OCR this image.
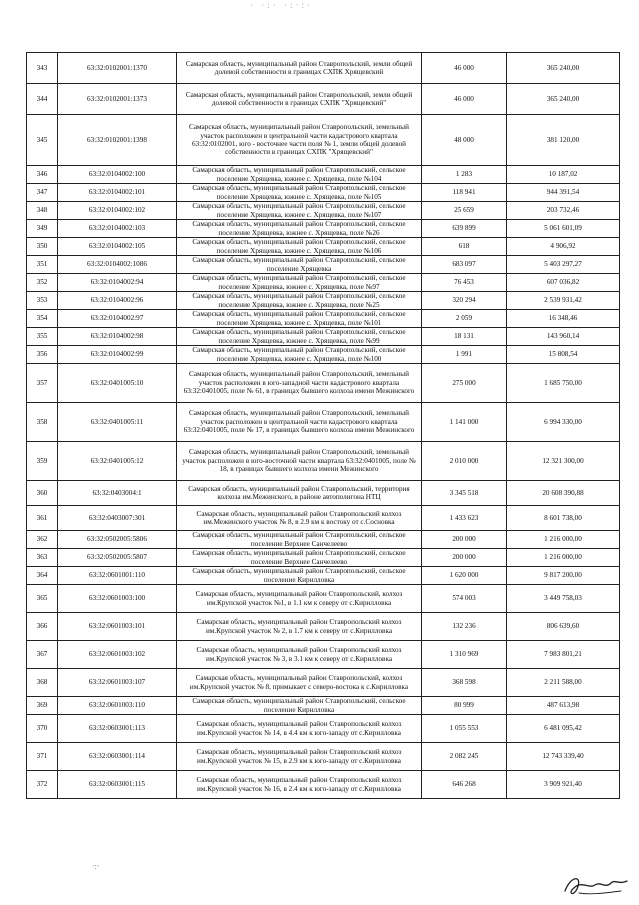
· ·:· ·:·:·
343	63:32:0102001:1370	Самарская область, муниципальный район Ставропольский, земли общей долевой собственности в границах СХПК Хрящевский	46 000	365 240,00
344	63:32:0102001:1373	Самарская область, муниципальный район Ставропольский, земли общей долевой собственности в границах СХПК "Хрящевский"	46 000	365 240,00
345	63:32:0102001:1398	Самарская область, муниципальный район Ставропольский, земельный участок расположен в центральной части кадастрового квартала 63:32:0102001, юго - восточнее части поля № 1, земли общей долевой собственности в границах СХПК "Хрящевский"	48 000	381 120,00
346	63:32:0104002:100	Самарская область, муниципальный район Ставропольский, сельское поселение Хрящевка, южнее с. Хрящевка, поле №104	1 283	10 187,02
347	63:32:0104002:101	Самарская область, муниципальный район Ставропольский, сельское поселение Хрящевка, южнее с. Хрящевка, поле №105	118 941	944 391,54
348	63:32:0104002:102	Самарская область, муниципальный район Ставропольский, сельское поселение Хрящевка, южнее с. Хрящевка, поле №107	25 659	203 732,46
349	63:32:0104002:103	Самарская область, муниципальный район Ставропольский, сельское поселение Хрящевка, южнее с. Хрящевка, поле №26	639 899	5 061 601,09
350	63:32:0104002:105	Самарская область, муниципальный район Ставропольский, сельское поселение Хрящевка, южнее с. Хрящевка, поле №106	618	4 906,92
351	63:32:0104002:1086	Самарская область, муниципальный район Ставропольский, сельское поселение Хрящевка	683 097	5 403 297,27
352	63:32:0104002:94	Самарская область, муниципальный район Ставропольский, сельское поселение Хрящевка, южнее с. Хрящевка, поле №97	76 453	607 036,82
353	63:32:0104002:96	Самарская область, муниципальный район Ставропольский, сельское поселение Хрящевка, южнее с. Хрящевка, поле №25	320 294	2 539 931,42
354	63:32:0104002:97	Самарская область, муниципальный район Ставропольский, сельское поселение Хрящевка, южнее с. Хрящевка, поле №101	2 059	16 348,46
355	63:32:0104002:98	Самарская область, муниципальный район Ставропольский, сельское поселение Хрящевка, южнее с. Хрящевка, поле №99	18 131	143 960,14
356	63:32:0104002:99	Самарская область, муниципальный район Ставропольский, сельское поселение Хрящевка, южнее с. Хрящевка, поле №100	1 991	15 808,54
357	63:32:0401005:10	Самарская область, муниципальный район Ставропольский, земельный участок расположен в юго-западной части кадастрового квартала 63:32:0401005, поле № 61, в границах бывшего колхоза имени Межинского	275 000	1 685 750,00
358	63:32:0401005:11	Самарская область, муниципальный район Ставропольский, земельный участок расположен в центральной части кадастрового квартала 63:32:0401005, поле № 17, в границах бывшего колхоза имени Межинского	1 141 000	6 994 330,00
359	63:32:0401005:12	Самарская область, муниципальный район Ставропольский, земельный участок расположен в юго-восточной части квартала 63:32:0401005, поле № 18, в границах бывшего колхоза имени Межинского	2 010 000	12 321 300,00
360	63:32:0403004:1	Самарская область, муниципальный район Ставропольский, территория колхоза им.Межинского, в районе автополигона НТЦ	3 345 518	20 608 390,88
361	63:32:0403007:301	Самарская область, муниципальный район Ставропольский колхоз им.Межинского участок № 8, в 2.9 км к востоку от с.Сосновка	1 433 623	8 601 738,00
362	63:32:0502005:5806	Самарская область, муниципальный район Ставропольский, сельское поселение Верхнее Санчелеево	200 000	1 216 000,00
363	63:32:0502005:5807	Самарская область, муниципальный район Ставропольский, сельское поселение Верхнее Санчелеево	200 000	1 216 000,00
364	63:32:0601001:110	Самарская область, муниципальный район Ставропольский, сельское поселение Кирилловка	1 620 000	9 817 200,00
365	63:32:0601003:100	Самарская область, муниципальный район Ставропольский, колхоз им.Крупской участок №1, в 1.1 км к северу от с.Кирилловка	574 003	3 449 758,03
366	63:32:0601003:101	Самарская область, муниципальный район Ставропольский колхоз им.Крупской участок № 2, в 1.7 км к северу от с.Кирилловка	132 236	806 639,60
367	63:32:0601003:102	Самарская область, муниципальный район Ставропольский колхоз им.Крупской участок № 3, в 3.1 км к северу от с.Кирилловка	1 310 969	7 983 801,21
368	63:32:0601003:107	Самарская область, муниципальный район Ставропольский, колхоз им.Крупской участок № 8, примыкает с северо-востока к с.Кирилловка	368 598	2 211 588,00
369	63:32:0601003:110	Самарская область, муниципальный район Ставропольский, сельское поселение Кирилловка	80 999	487 613,98
370	63:32:0603001:113	Самарская область, муниципальный район Ставропольский колхоз им.Крупской участок № 14, в 4.4 км к юго-западу от с.Кирилловка	1 055 553	6 481 095,42
371	63:32:0603001:114	Самарская область, муниципальный район Ставропольский колхоз им.Крупской участок № 15, в 2.9 км к юго-западу от с.Кирилловка	2 082 245	12 743 339,40
372	63:32:0603001:115	Самарская область, муниципальный район Ставропольский колхоз им.Крупской участок № 16, в 2.4 км к юго-западу от с.Кирилловка	646 268	3 909 921,40
·:·
